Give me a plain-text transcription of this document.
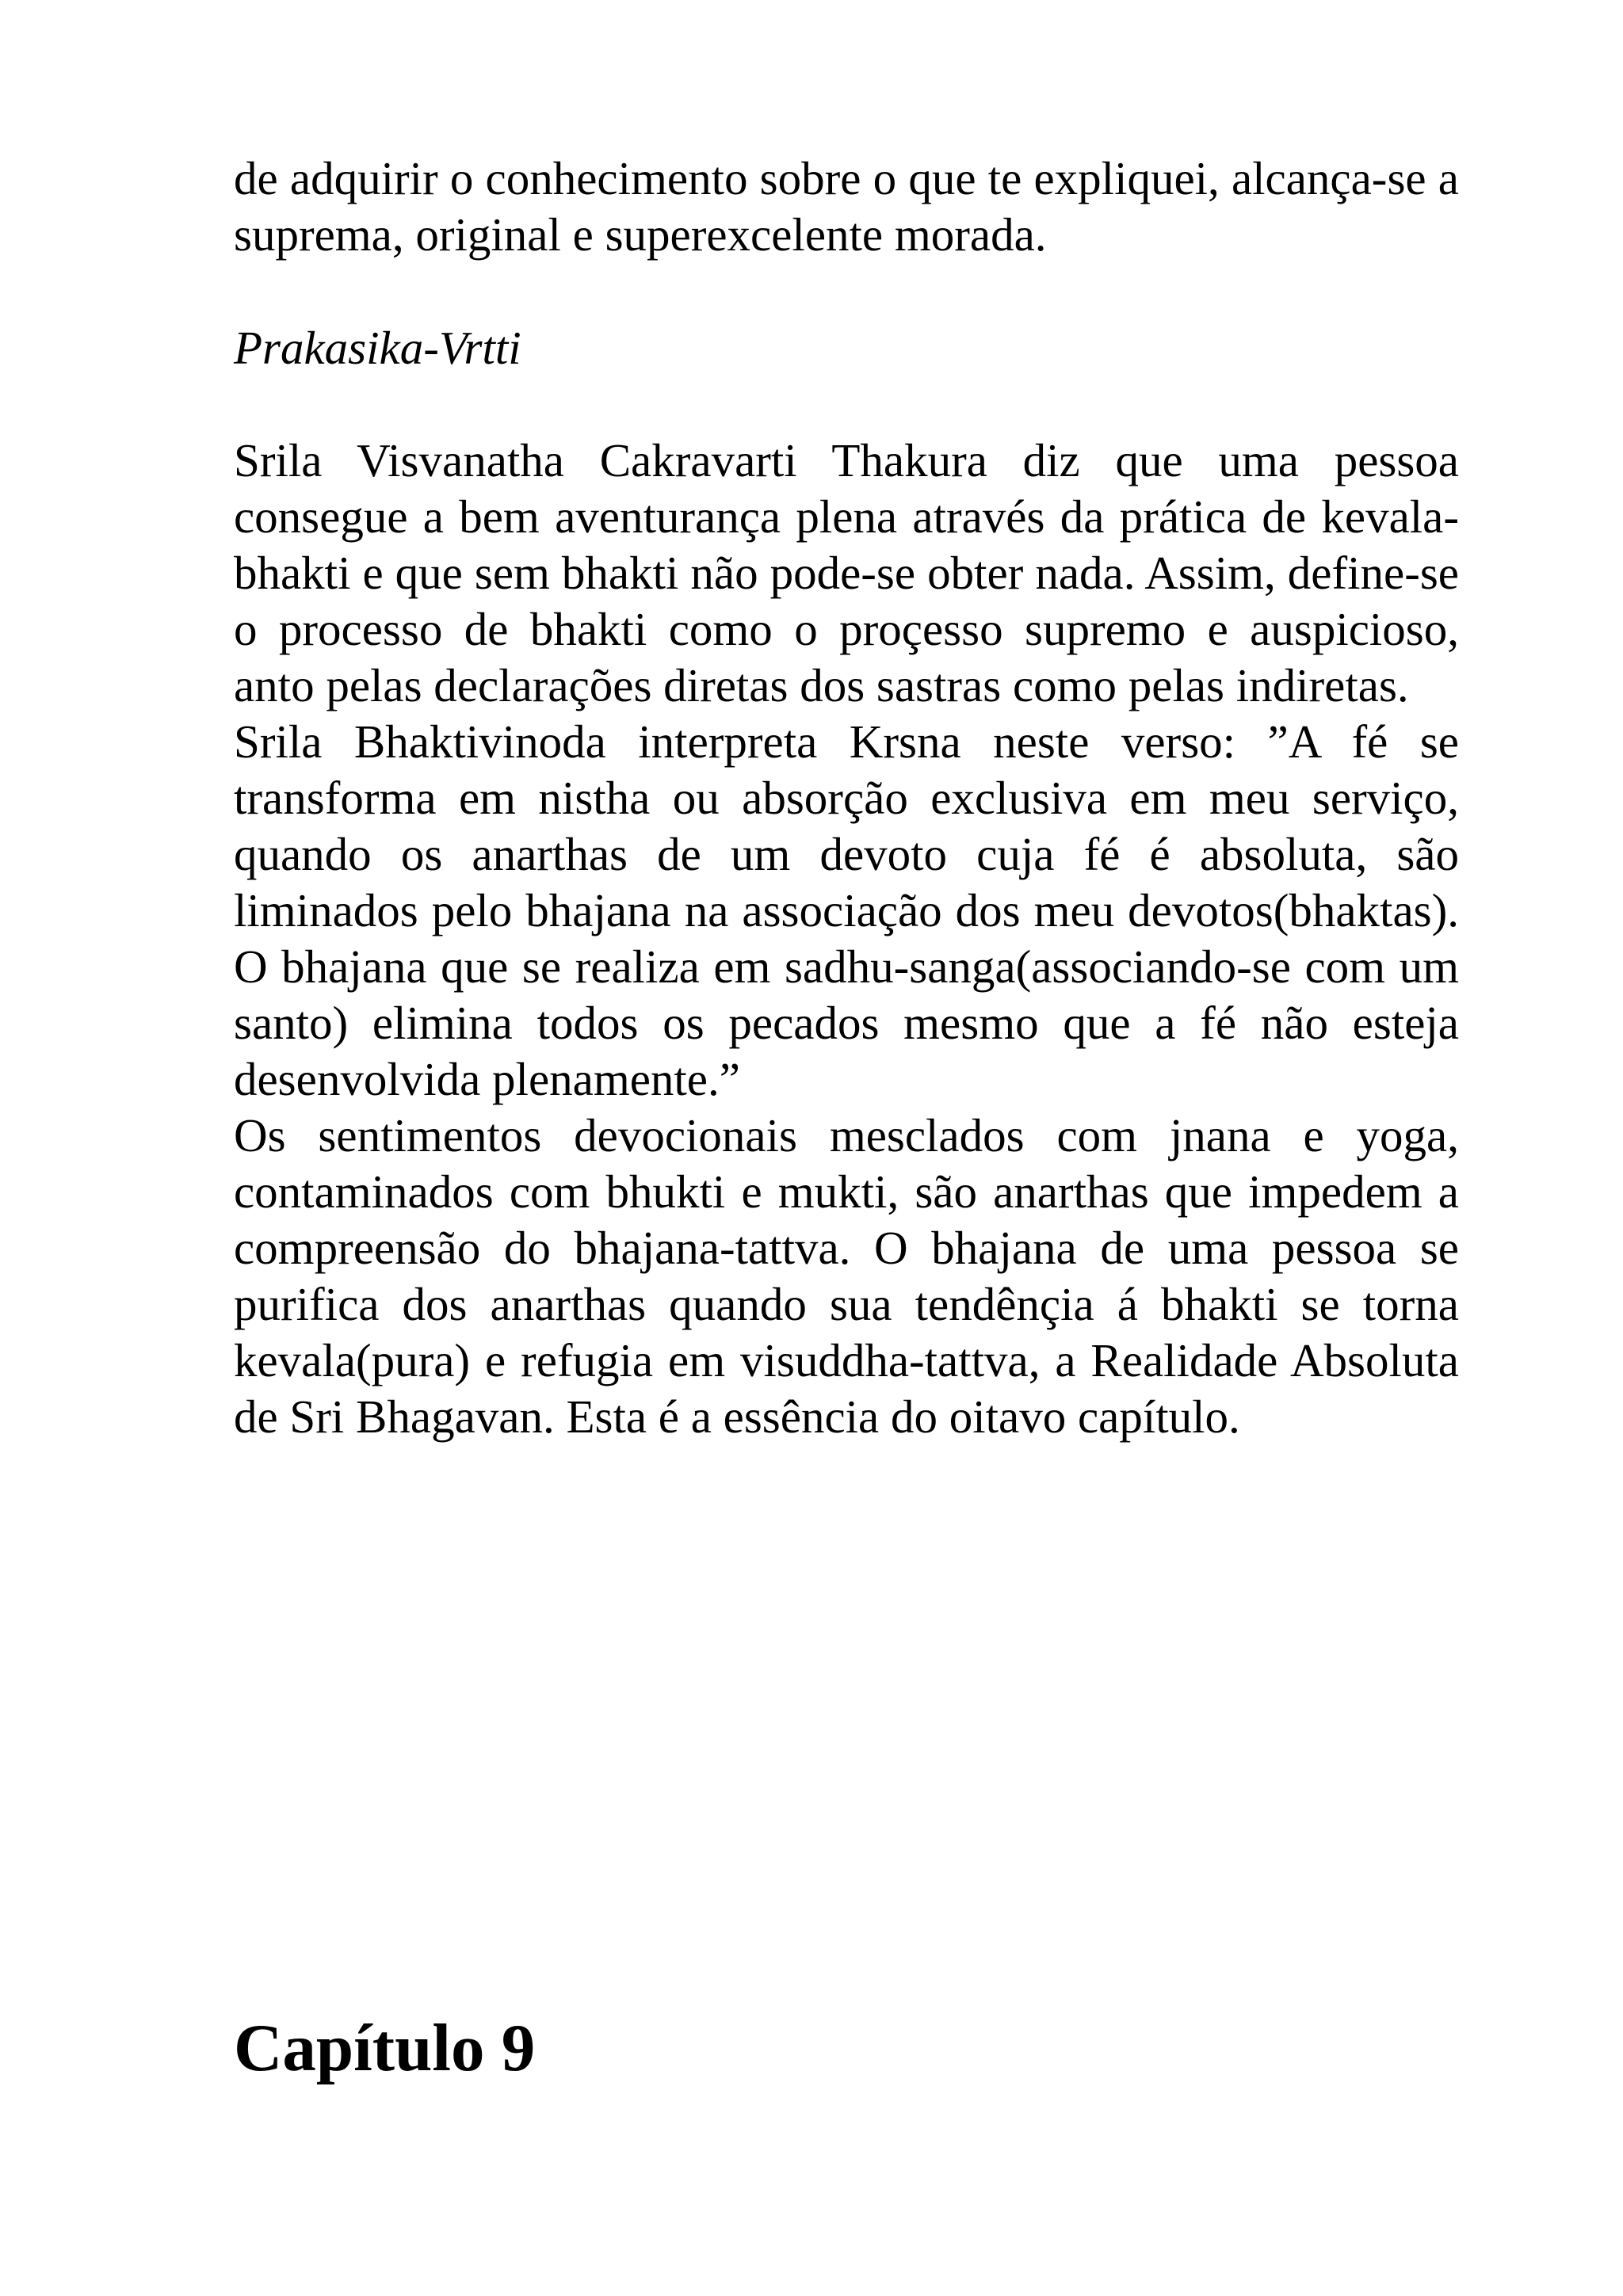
de adquirir o conhecimento sobre o que te expliquei, alcança-se a suprema, original e superexcelente morada.

Prakasika-Vrtti

Srila Visvanatha Cakravarti Thakura diz que uma pessoa consegue a bem aventurança plena através da prática de kevala-bhakti e que sem bhakti não pode-se obter nada. Assim, define-se o processo de bhakti como o proçesso supremo e auspicioso, anto pelas declarações diretas dos sastras como pelas indiretas.

Srila Bhaktivinoda interpreta Krsna neste verso: ”A fé se transforma em nistha ou absorção exclusiva em meu serviço, quando os anarthas de um devoto cuja fé é absoluta, são liminados pelo bhajana na associação dos meu devotos(bhaktas). O bhajana que se realiza em sadhu-sanga(associando-se com um santo) elimina todos os pecados mesmo que a fé não esteja desenvolvida plenamente.”

Os sentimentos devocionais mesclados com jnana e yoga, contaminados com bhukti e mukti, são anarthas que impedem a compreensão do bhajana-tattva. O bhajana de uma pessoa se purifica dos anarthas quando sua tendênçia á bhakti se torna kevala(pura) e refugia em visuddha-tattva, a Realidade Absoluta de Sri Bhagavan. Esta é a essência do oitavo capítulo.

Capítulo 9
